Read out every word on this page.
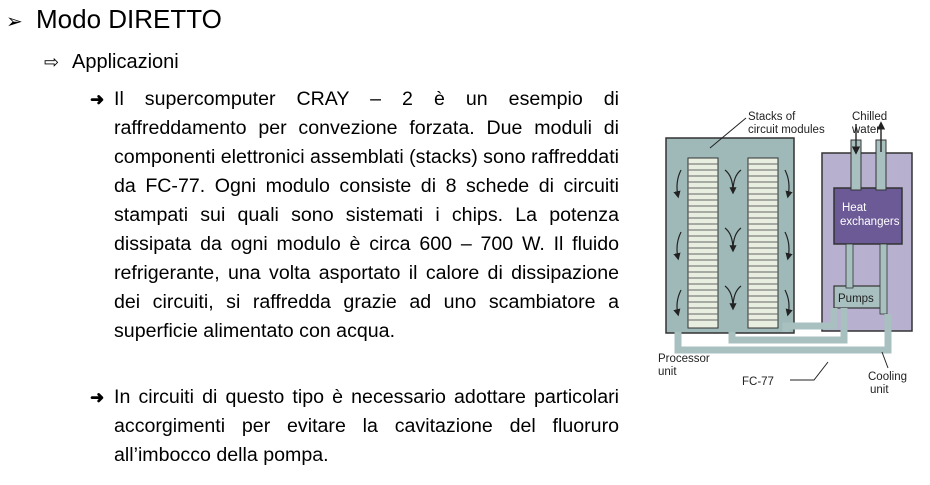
➢ Modo DIRETTO
⇨ Applicazioni
➜ Il supercomputer CRAY – 2 è un esempio di raffreddamento per convezione forzata. Due moduli di componenti elettronici assemblati (stacks) sono raffreddati da FC-77. Ogni modulo consiste di 8 schede di circuiti stampati sui quali sono sistemati i chips. La potenza dissipata da ogni modulo è circa 600 – 700 W. Il fluido refrigerante, una volta asportato il calore di dissipazione dei circuiti, si raffredda grazie ad uno scambiatore a superficie alimentato con acqua.
➜ In circuiti di questo tipo è necessario adottare particolari accorgimenti per evitare la cavitazione del fluoruro all’imbocco della pompa.
Stacks of
circuit modules
Chilled
water
Heat
exchangers
Pumps
Processor
unit
FC-77	Cooling
unit
